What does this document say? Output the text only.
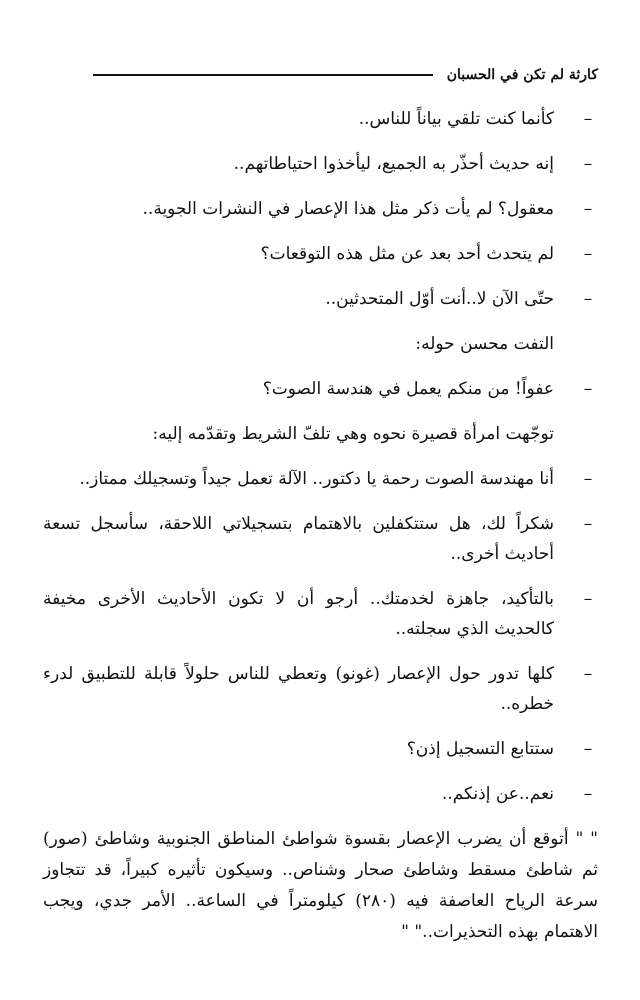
كارثة لم تكن في الحسبان
–
كأنما كنت تلقي بياناً للناس..
–
إنه حديث أحذّر به الجميع، ليأخذوا احتياطاتهم..
–
معقول؟ لم يأت ذكر مثل هذا الإعصار في النشرات الجوية..
–
لم يتحدث أحد بعد عن مثل هذه التوقعات؟
–
حتّى الآن لا..أنت أوّل المتحدثين..
التفت محسن حوله:
–
عفواً! من منكم يعمل في هندسة الصوت؟
توجّهت امرأة قصيرة نحوه وهي تلفّ الشريط وتقدّمه إليه:
–
أنا مهندسة الصوت رحمة يا دكتور.. الآلة تعمل جيداً وتسجيلك ممتاز..
–
شكراً لك، هل ستتكفلين بالاهتمام بتسجيلاتي اللاحقة، سأسجل تسعة أحاديث أخرى..
–
بالتأكيد، جاهزة لخدمتك.. أرجو أن لا تكون الأحاديث الأخرى مخيفة كالحديث الذي سجلته..
–
كلها تدور حول الإعصار (غونو) وتعطي للناس حلولاً قابلة للتطبيق لدرء خطره..
–
ستتابع التسجيل إذن؟
–
نعم..عن إذنكم..
" " أتوقع أن يضرب الإعصار بقسوة شواطئ المناطق الجنوبية وشاطئ (صور) ثم شاطئ مسقط وشاطئ صحار وشناص.. وسيكون تأثيره كبيراً، قد تتجاوز سرعة الرياح العاصفة فيه (٢٨٠) كيلومتراً في الساعة.. الأمر جدي، ويجب الاهتمام بهذه التحذيرات.." "
